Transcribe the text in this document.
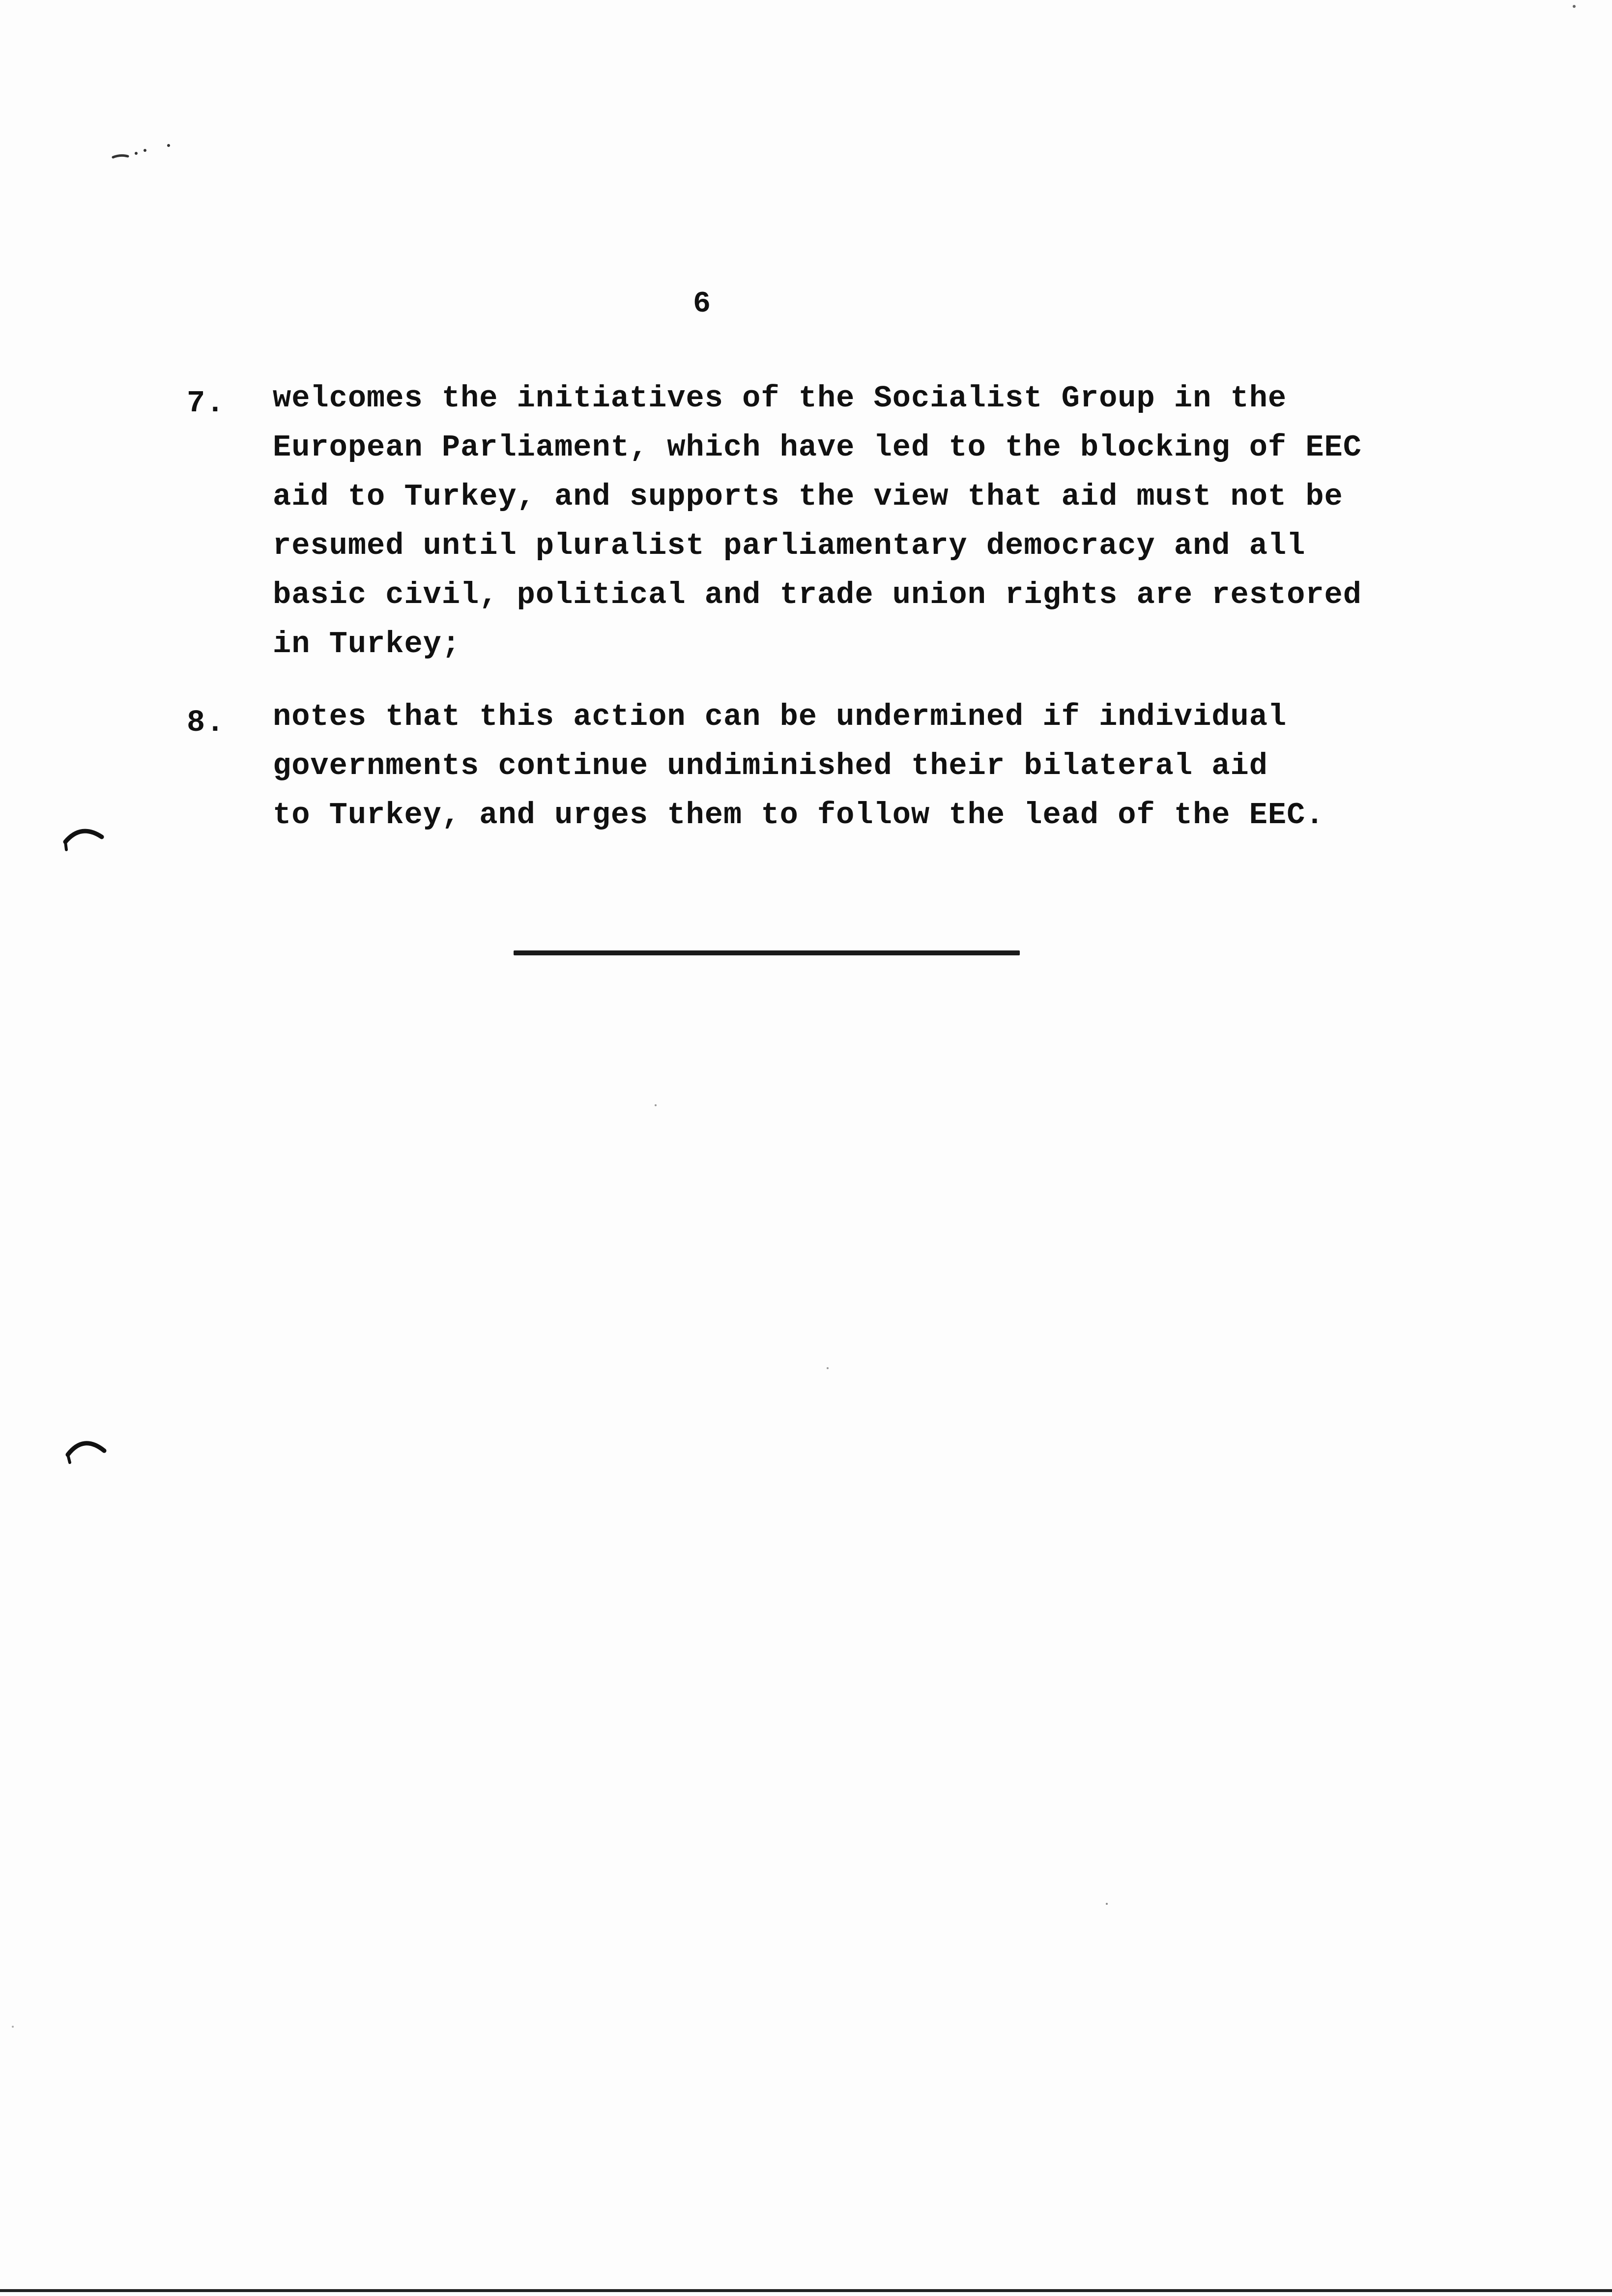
6
7. welcomes the initiatives of the Socialist Group in the
European Parliament, which have led to the blocking of EEC
aid to Turkey, and supports the view that aid must not be
resumed until pluralist parliamentary democracy and all
basic civil, political and trade union rights are restored
in Turkey;
8. notes that this action can be undermined if individual
governments continue undiminished their bilateral aid
to Turkey, and urges them to follow the lead of the EEC.
